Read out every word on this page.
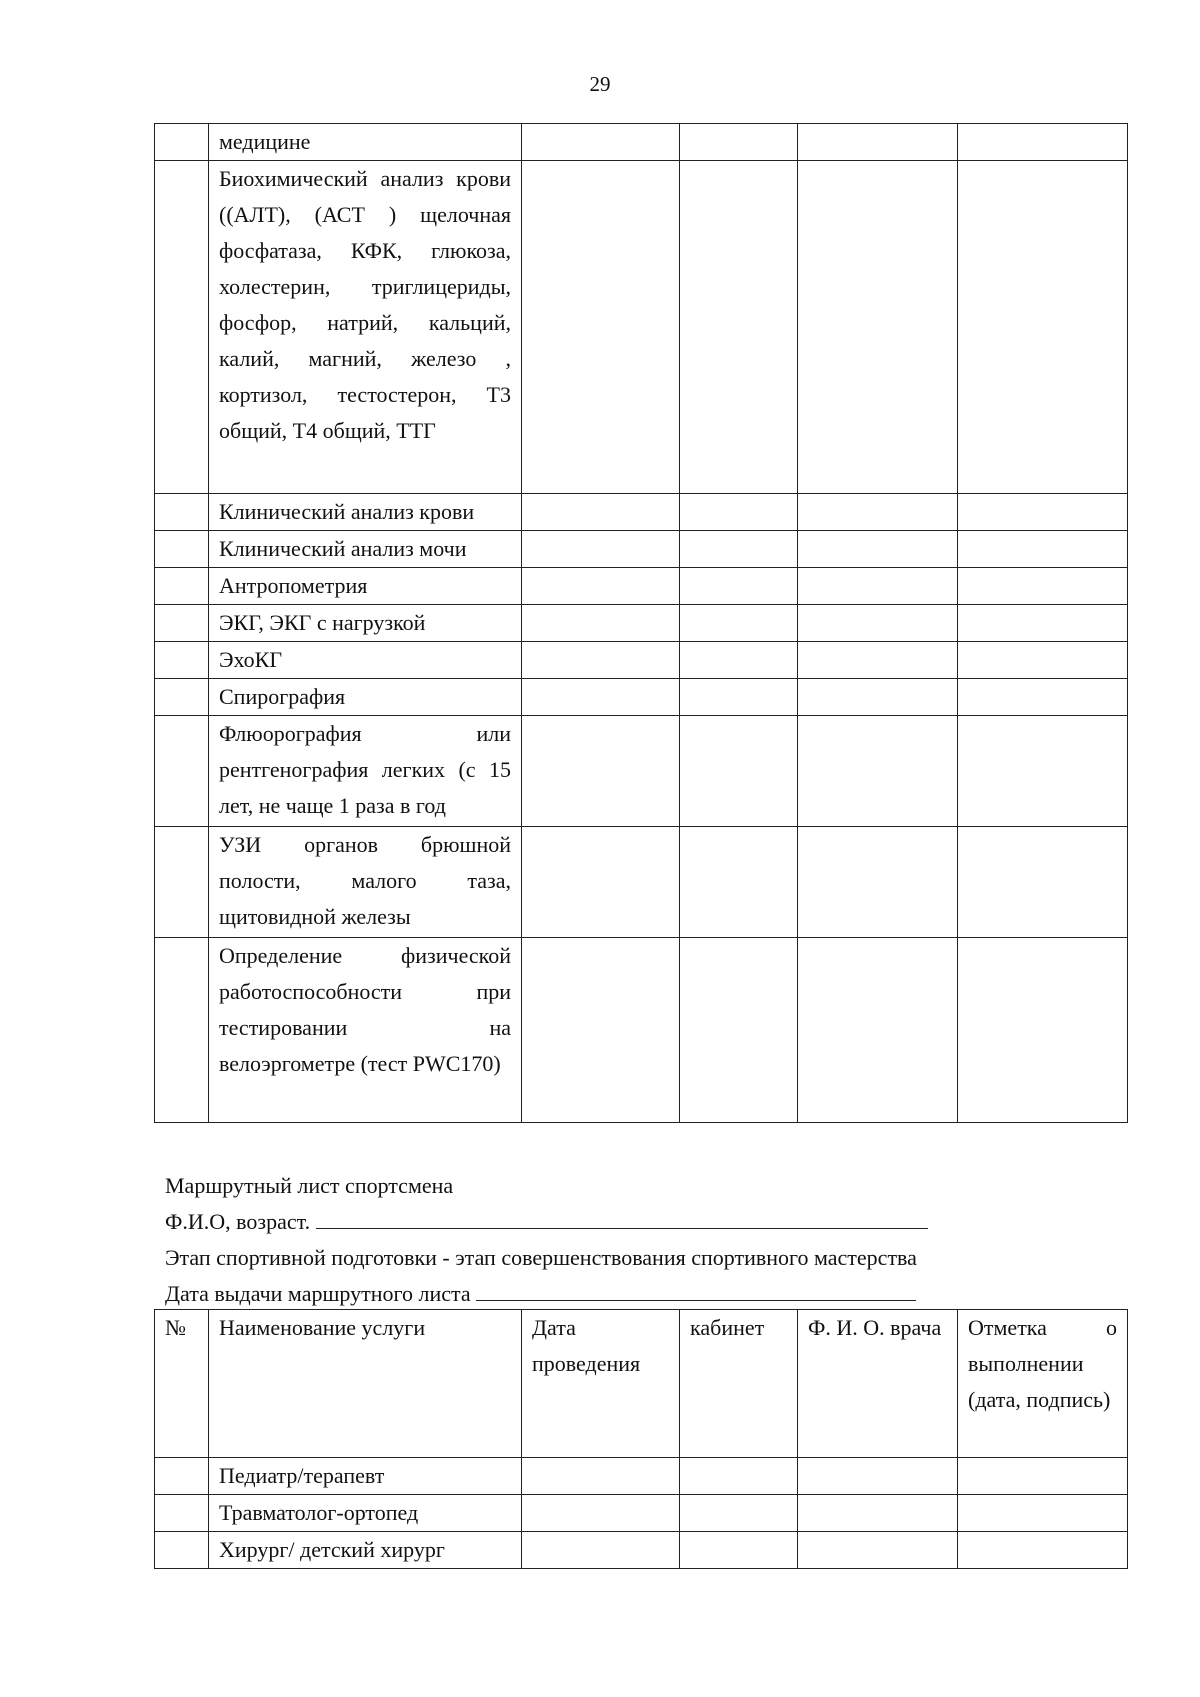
29
	медицине				
	Биохимический анализ крови ((АЛТ), (АСТ ) щелочная фосфатаза, КФК, глюкоза, холестерин, триглицериды, фосфор, натрий, кальций, калий, магний, железо , кортизол, тестостерон, Т3 общий, Т4 общий, ТТГ				
	Клинический анализ крови				
	Клинический анализ мочи				
	Антропометрия				
	ЭКГ, ЭКГ с нагрузкой				
	ЭхоКГ				
	Спирография				
	Флюорография или рентгенография легких (с 15 лет, не чаще 1 раза в год				
	УЗИ органов брюшной полости, малого таза, щитовидной железы				
	Определение физической работоспособности при тестировании на велоэргометре (тест PWC170)				
Маршрутный лист спортсмена
Ф.И.О, возраст.
Этап спортивной подготовки - этап совершенствования спортивного мастерства
Дата выдачи маршрутного листа
№	Наименование услуги	Дата проведения	кабинет	Ф. И. О. врача	Отметка о выполнении (дата, подпись)
	Педиатр/терапевт				
	Травматолог-ортопед				
	Хирург/ детский хирург				
